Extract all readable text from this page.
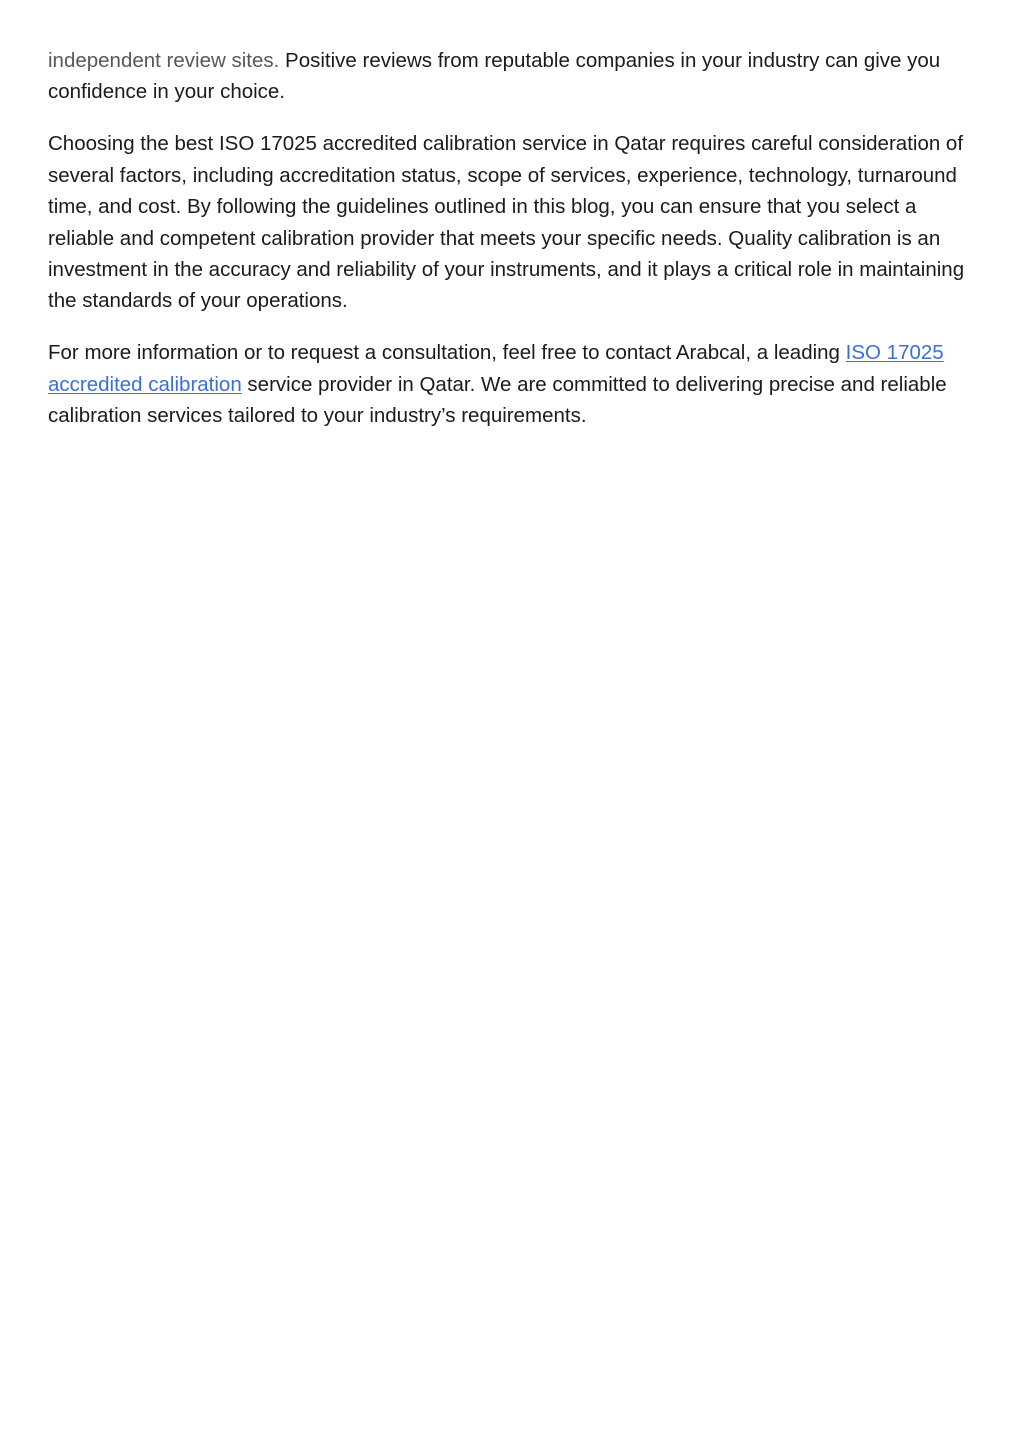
independent review sites. Positive reviews from reputable companies in your industry can give you confidence in your choice.

Choosing the best ISO 17025 accredited calibration service in Qatar requires careful consideration of several factors, including accreditation status, scope of services, experience, technology, turnaround time, and cost. By following the guidelines outlined in this blog, you can ensure that you select a reliable and competent calibration provider that meets your specific needs. Quality calibration is an investment in the accuracy and reliability of your instruments, and it plays a critical role in maintaining the standards of your operations.

For more information or to request a consultation, feel free to contact Arabcal, a leading ISO 17025 accredited calibration service provider in Qatar. We are committed to delivering precise and reliable calibration services tailored to your industry’s requirements.
